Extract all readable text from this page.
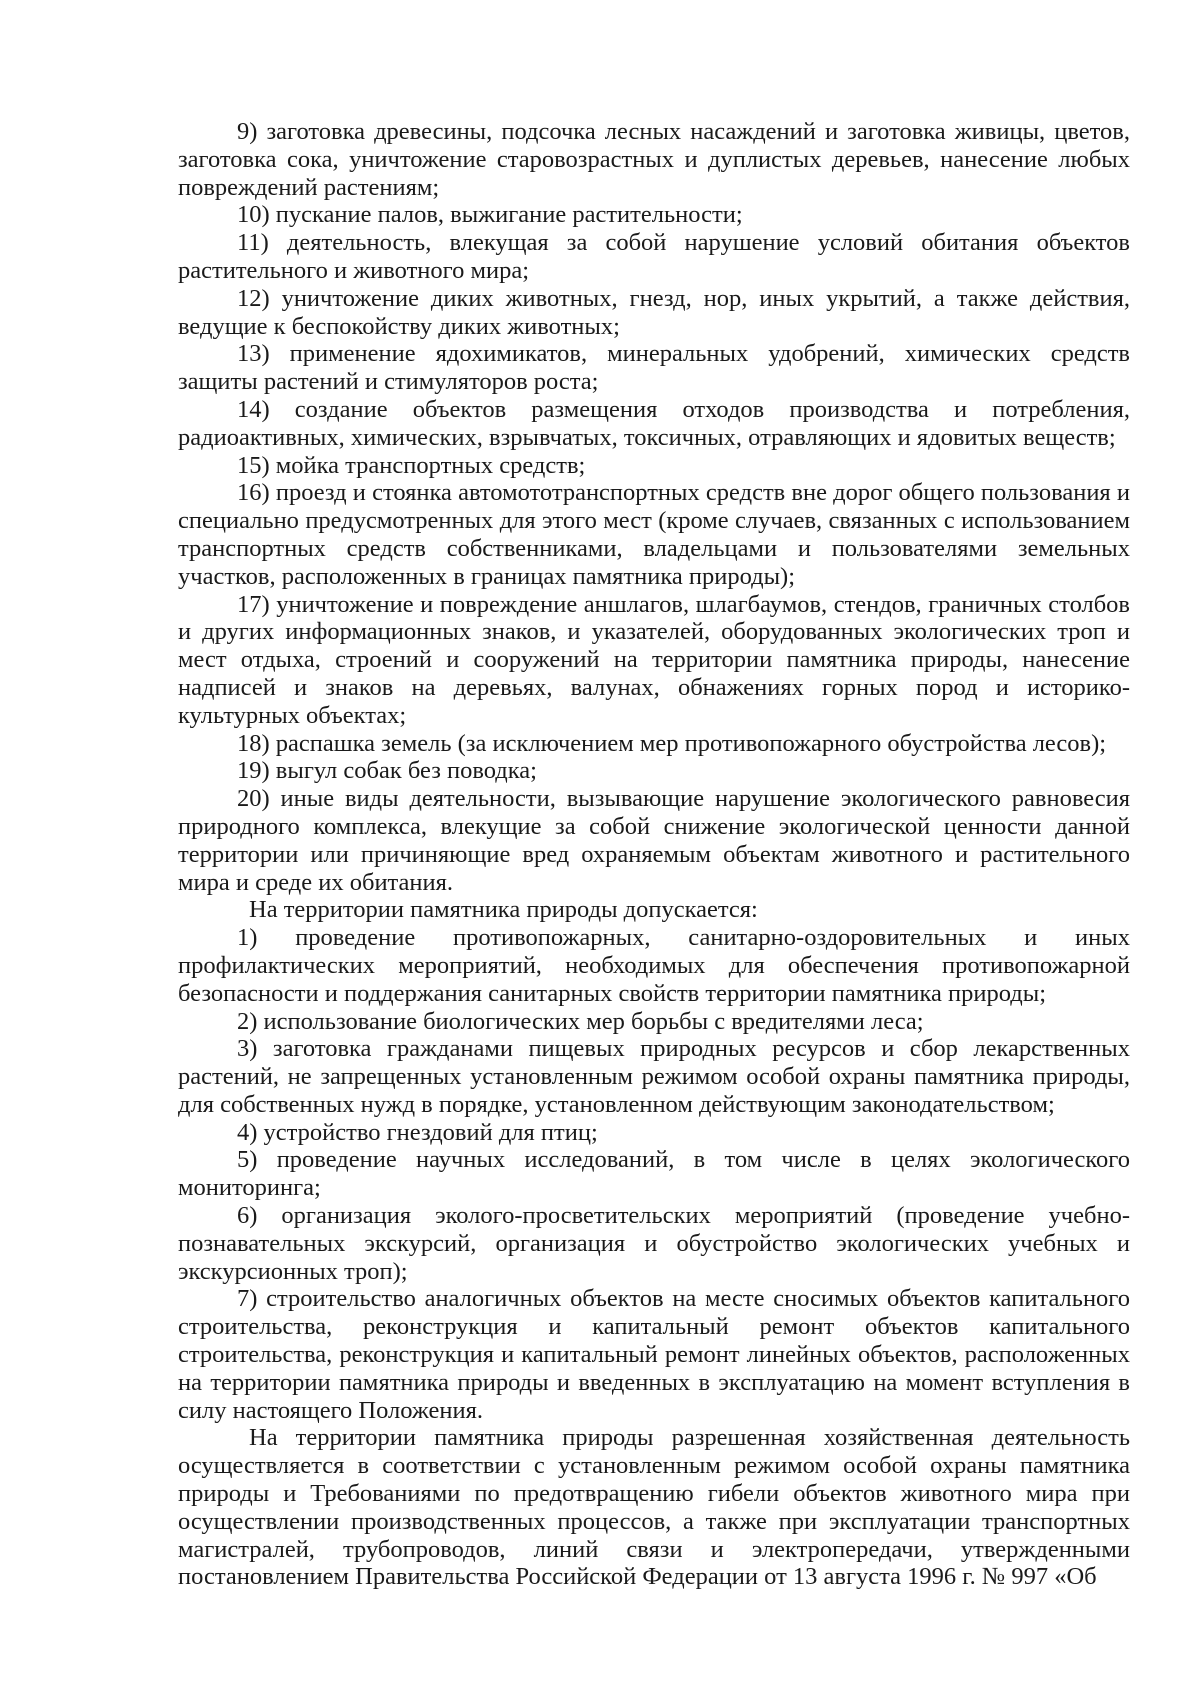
9) заготовка древесины, подсочка лесных насаждений и заготовка живицы, цветов, заготовка сока, уничтожение старовозрастных и дуплистых деревьев, нанесение любых повреждений растениям;

10) пускание палов, выжигание растительности;

11) деятельность, влекущая за собой нарушение условий обитания объектов растительного и животного мира;

12) уничтожение диких животных, гнезд, нор, иных укрытий, а также действия, ведущие к беспокойству диких животных;

13) применение ядохимикатов, минеральных удобрений, химических средств защиты растений и стимуляторов роста;

14) создание объектов размещения отходов производства и потребления, радиоактивных, химических, взрывчатых, токсичных, отравляющих и ядовитых веществ;

15) мойка транспортных средств;

16) проезд и стоянка автомототранспортных средств вне дорог общего пользования и специально предусмотренных для этого мест (кроме случаев, связанных с использованием транспортных средств собственниками, владельцами и пользователями земельных участков, расположенных в границах памятника природы);

17) уничтожение и повреждение аншлагов, шлагбаумов, стендов, граничных столбов и других информационных знаков, и указателей, оборудованных экологических троп и мест отдыха, строений и сооружений на территории памятника природы, нанесение надписей и знаков на деревьях, валунах, обнажениях горных пород и историко-культурных объектах;

18) распашка земель (за исключением мер противопожарного обустройства лесов);

19) выгул собак без поводка;

20) иные виды деятельности, вызывающие нарушение экологического равновесия природного комплекса, влекущие за собой снижение экологической ценности данной территории или причиняющие вред охраняемым объектам животного и растительного мира и среде их обитания.

На территории памятника природы допускается:

1) проведение противопожарных, санитарно-оздоровительных и иных профилактических мероприятий, необходимых для обеспечения противопожарной безопасности и поддержания санитарных свойств территории памятника природы;

2) использование биологических мер борьбы с вредителями леса;

3) заготовка гражданами пищевых природных ресурсов и сбор лекарственных растений, не запрещенных установленным режимом особой охраны памятника природы, для собственных нужд в порядке, установленном действующим законодательством;

4) устройство гнездовий для птиц;

5) проведение научных исследований, в том числе в целях экологического мониторинга;

6) организация эколого-просветительских мероприятий (проведение учебно-познавательных экскурсий, организация и обустройство экологических учебных и экскурсионных троп);

7) строительство аналогичных объектов на месте сносимых объектов капитального строительства, реконструкция и капитальный ремонт объектов капитального строительства, реконструкция и капитальный ремонт линейных объектов, расположенных на территории памятника природы и введенных в эксплуатацию на момент вступления в силу настоящего Положения.

На территории памятника природы разрешенная хозяйственная деятельность осуществляется в соответствии с установленным режимом особой охраны памятника природы и Требованиями по предотвращению гибели объектов животного мира при осуществлении производственных процессов, а также при эксплуатации транспортных магистралей, трубопроводов, линий связи и электропередачи, утвержденными постановлением Правительства Российской Федерации от 13 августа 1996 г. № 997 «Об
